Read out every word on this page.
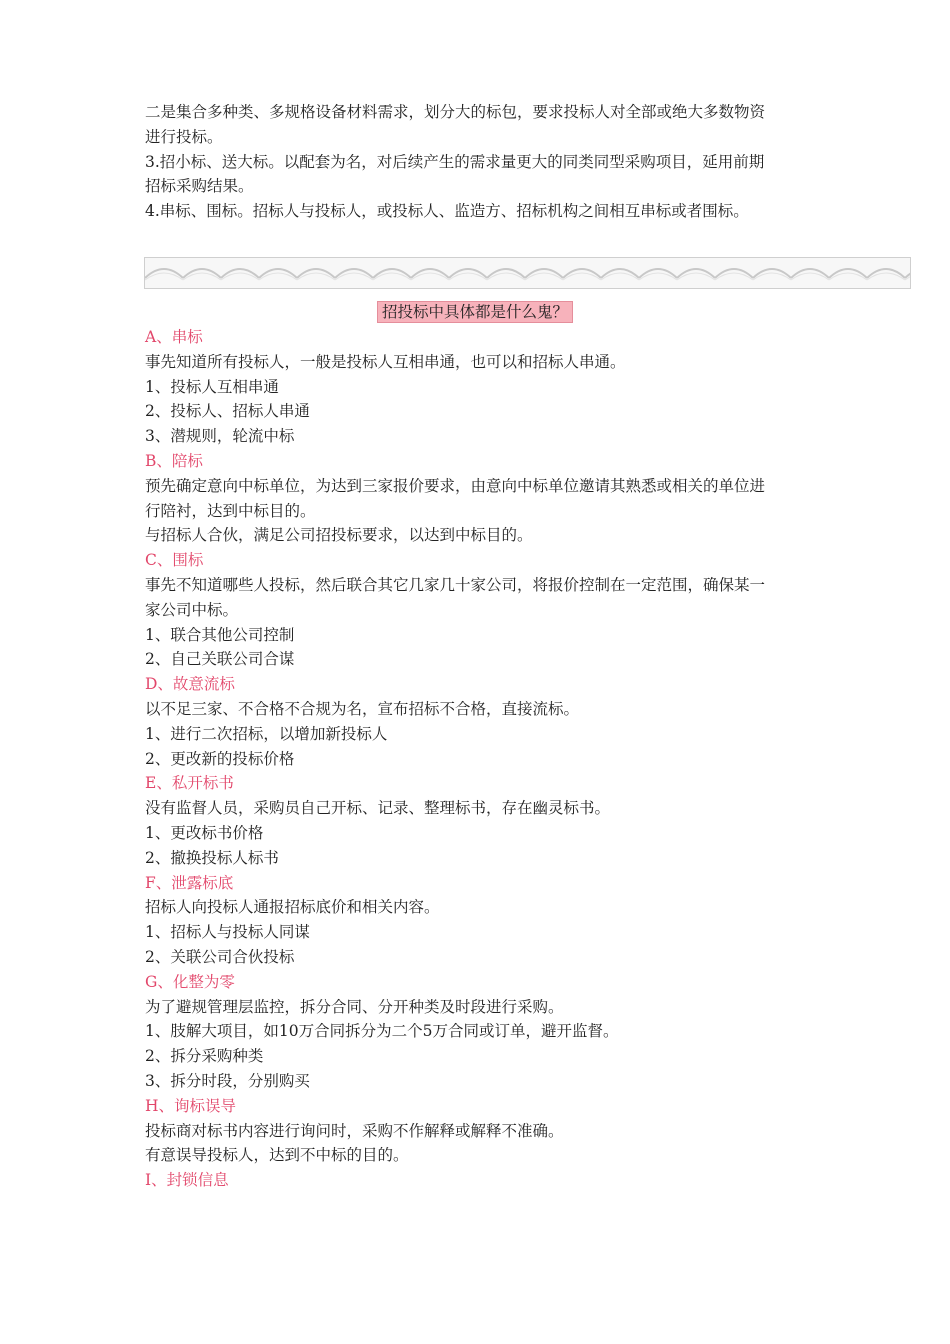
二是集合多种类、多规格设备材料需求，划分大的标包，要求投标人对全部或绝大多数物资
进行投标。
3.招小标、送大标。以配套为名，对后续产生的需求量更大的同类同型采购项目，延用前期
招标采购结果。
4.串标、围标。招标人与投标人，或投标人、监造方、招标机构之间相互串标或者围标。
招投标中具体都是什么鬼？
A、串标
事先知道所有投标人，一般是投标人互相串通，也可以和招标人串通。
1、投标人互相串通
2、投标人、招标人串通
3、潜规则，轮流中标
B、陪标
预先确定意向中标单位，为达到三家报价要求，由意向中标单位邀请其熟悉或相关的单位进
行陪衬，达到中标目的。
与招标人合伙，满足公司招投标要求，以达到中标目的。
C、围标
事先不知道哪些人投标，然后联合其它几家几十家公司，将报价控制在一定范围，确保某一
家公司中标。
1、联合其他公司控制
2、自己关联公司合谋
D、故意流标
以不足三家、不合格不合规为名，宣布招标不合格，直接流标。
1、进行二次招标，以增加新投标人
2、更改新的投标价格
E、私开标书
没有监督人员，采购员自己开标、记录、整理标书，存在幽灵标书。
1、更改标书价格
2、撤换投标人标书
F、泄露标底
招标人向投标人通报招标底价和相关内容。
1、招标人与投标人同谋
2、关联公司合伙投标
G、化整为零
为了避规管理层监控，拆分合同、分开种类及时段进行采购。
1、肢解大项目，如10万合同拆分为二个5万合同或订单，避开监督。
2、拆分采购种类
3、拆分时段，分别购买
H、询标误导
投标商对标书内容进行询问时，采购不作解释或解释不准确。
有意误导投标人，达到不中标的目的。
I、封锁信息
